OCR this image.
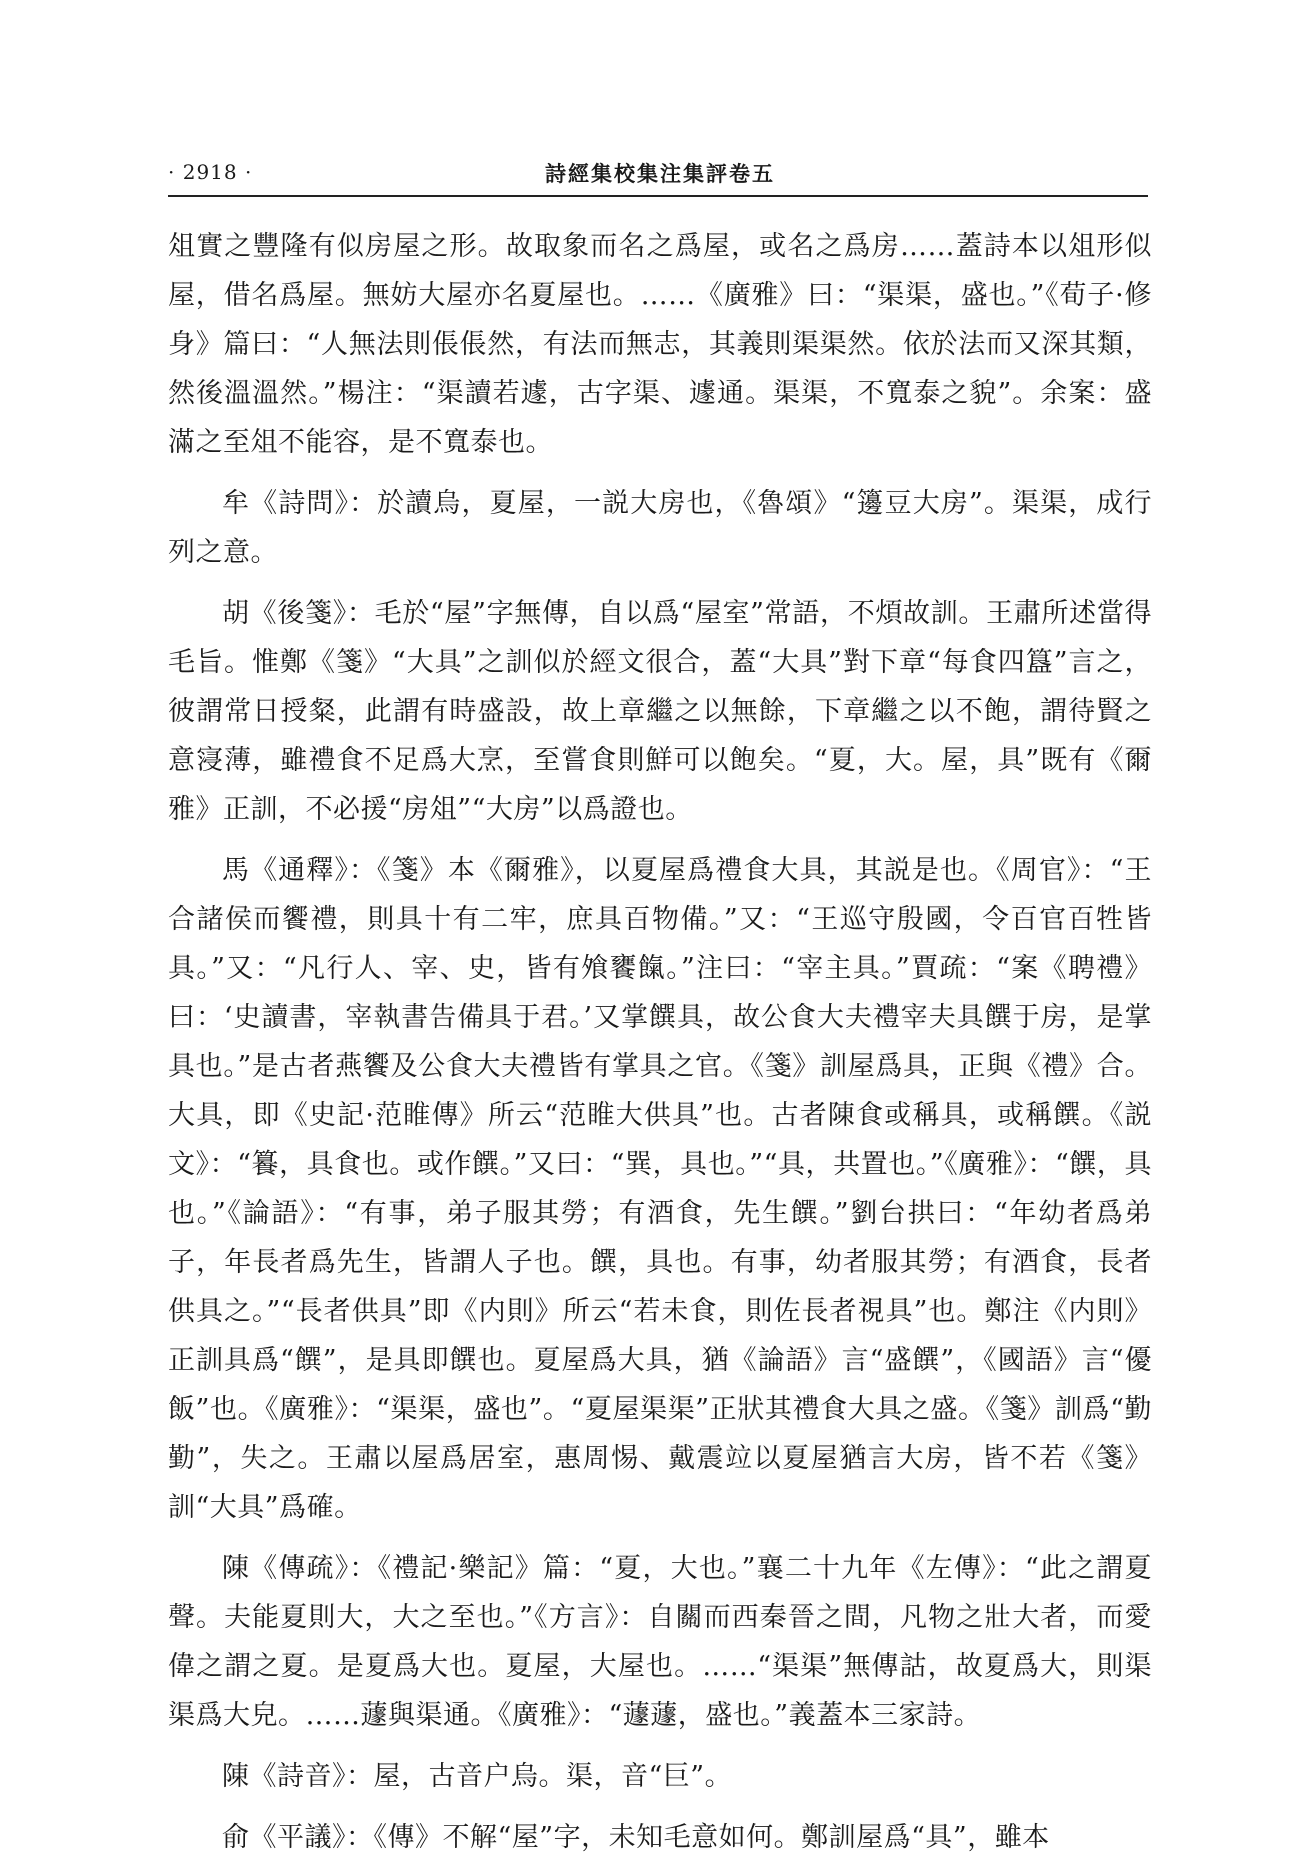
· 2918 ·	詩經集校集注集評卷五

俎實之豐隆有似房屋之形。故取象而名之爲屋，或名之爲房……蓋詩本以俎形似屋，借名爲屋。無妨大屋亦名夏屋也。……《廣雅》曰：“渠渠，盛也。”《荀子·修身》篇曰：“人無法則倀倀然，有法而無志，其義則渠渠然。依於法而又深其類，然後溫溫然。”楊注：“渠讀若遽，古字渠、遽通。渠渠，不寬泰之貌”。余案：盛滿之至俎不能容，是不寬泰也。

牟《詩問》：於讀烏，夏屋，一説大房也，《魯頌》“籩豆大房”。渠渠，成行列之意。

胡《後箋》：毛於“屋”字無傳，自以爲“屋室”常語，不煩故訓。王肅所述當得毛旨。惟鄭《箋》“大具”之訓似於經文很合，蓋“大具”對下章“每食四簋”言之，彼謂常日授粲，此謂有時盛設，故上章繼之以無餘，下章繼之以不飽，謂待賢之意寖薄，雖禮食不足爲大烹，至嘗食則鮮可以飽矣。“夏，大。屋，具”既有《爾雅》正訓，不必援“房俎”“大房”以爲證也。

馬《通釋》：《箋》本《爾雅》，以夏屋爲禮食大具，其説是也。《周官》：“王合諸侯而饗禮，則具十有二牢，庶具百物備。”又：“王巡守殷國，令百官百牲皆具。”又：“凡行人、宰、史，皆有飧饔餼。”注曰：“宰主具。”賈疏：“案《聘禮》曰：‘史讀書，宰執書告備具于君。’又掌饌具，故公食大夫禮宰夫具饌于房，是掌具也。”是古者燕饗及公食大夫禮皆有掌具之官。《箋》訓屋爲具，正與《禮》合。大具，即《史記·范睢傳》所云“范睢大供具”也。古者陳食或稱具，或稱饌。《説文》：“籑，具食也。或作饌。”又曰：“巽，具也。”“具，共置也。”《廣雅》：“饌，具也。”《論語》：“有事，弟子服其勞；有酒食，先生饌。”劉台拱曰：“年幼者爲弟子，年長者爲先生，皆謂人子也。饌，具也。有事，幼者服其勞；有酒食，長者供具之。”“長者供具”即《内則》所云“若未食，則佐長者視具”也。鄭注《内則》正訓具爲“饌”，是具即饌也。夏屋爲大具，猶《論語》言“盛饌”，《國語》言“優飯”也。《廣雅》：“渠渠，盛也”。“夏屋渠渠”正狀其禮食大具之盛。《箋》訓爲“勤勤”，失之。王肅以屋爲居室，惠周惕、戴震竝以夏屋猶言大房，皆不若《箋》訓“大具”爲確。

陳《傳疏》：《禮記·樂記》篇：“夏，大也。”襄二十九年《左傳》：“此之謂夏聲。夫能夏則大，大之至也。”《方言》：自關而西秦晉之間，凡物之壯大者，而愛偉之謂之夏。是夏爲大也。夏屋，大屋也。……“渠渠”無傳詁，故夏爲大，則渠渠爲大皃。……蘧與渠通。《廣雅》：“蘧蘧，盛也。”義蓋本三家詩。

陳《詩音》：屋，古音户烏。渠，音“巨”。

俞《平議》：《傳》不解“屋”字，未知毛意如何。鄭訓屋爲“具”，雖本
